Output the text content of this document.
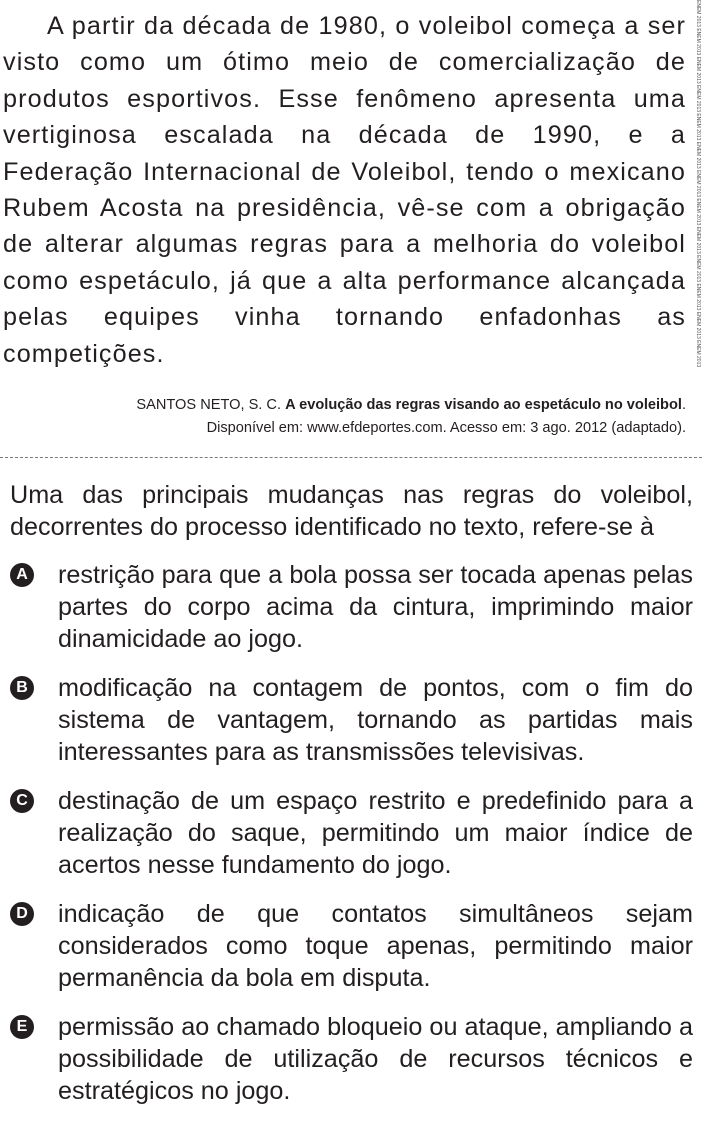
A partir da década de 1980, o voleibol começa a ser visto como um ótimo meio de comercialização de produtos esportivos. Esse fenômeno apresenta uma vertiginosa escalada na década de 1990, e a Federação Internacional de Voleibol, tendo o mexicano Rubem Acosta na presidência, vê-se com a obrigação de alterar algumas regras para a melhoria do voleibol como espetáculo, já que a alta performance alcançada pelas equipes vinha tornando enfadonhas as competições.

SANTOS NETO, S. C. A evolução das regras visando ao espetáculo no voleibol.
Disponível em: www.efdeportes.com. Acesso em: 3 ago. 2012 (adaptado).

ENEM 2013 ENEM 2013 ENEM 2013 ENEM 2013 ENEM 2013 ENEM 2013 ENEM 2013 ENEM 2013 ENEM 2013 ENEM 2013 ENEM 2013 ENEM 2013 ENEM 2013

Uma das principais mudanças nas regras do voleibol, decorrentes do processo identificado no texto, refere-se à

A restrição para que a bola possa ser tocada apenas pelas partes do corpo acima da cintura, imprimindo maior dinamicidade ao jogo.

B modificação na contagem de pontos, com o fim do sistema de vantagem, tornando as partidas mais interessantes para as transmissões televisivas.

C destinação de um espaço restrito e predefinido para a realização do saque, permitindo um maior índice de acertos nesse fundamento do jogo.

D indicação de que contatos simultâneos sejam considerados como toque apenas, permitindo maior permanência da bola em disputa.

E permissão ao chamado bloqueio ou ataque, ampliando a possibilidade de utilização de recursos técnicos e estratégicos no jogo.
